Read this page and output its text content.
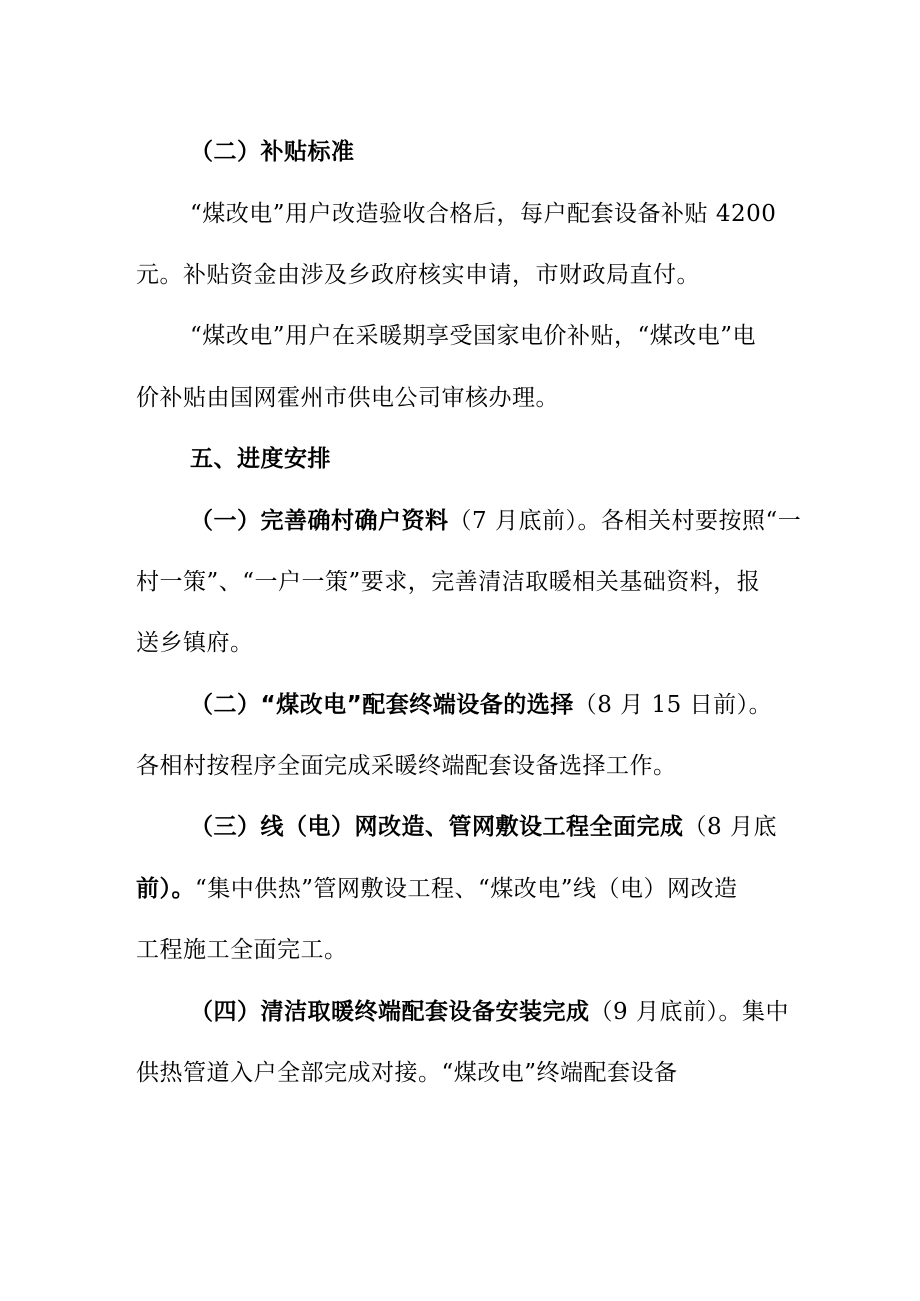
（二）补贴标准
“煤改电”用户改造验收合格后，每户配套设备补贴 4200
元。补贴资金由涉及乡政府核实申请，市财政局直付。
“煤改电”用户在采暖期享受国家电价补贴，“煤改电”电
价补贴由国网霍州市供电公司审核办理。
五、进度安排
（一）完善确村确户资料（7 月底前）。各相关村要按照“一
村一策”、“一户一策”要求，完善清洁取暖相关基础资料，报
送乡镇府。
（二）“煤改电”配套终端设备的选择（8 月 15 日前）。
各相村按程序全面完成采暖终端配套设备选择工作。
（三）线（电）网改造、管网敷设工程全面完成（8 月底
前）。“集中供热”管网敷设工程、“煤改电”线（电）网改造
工程施工全面完工。
（四）清洁取暖终端配套设备安装完成（9 月底前）。集中
供热管道入户全部完成对接。“煤改电”终端配套设备
